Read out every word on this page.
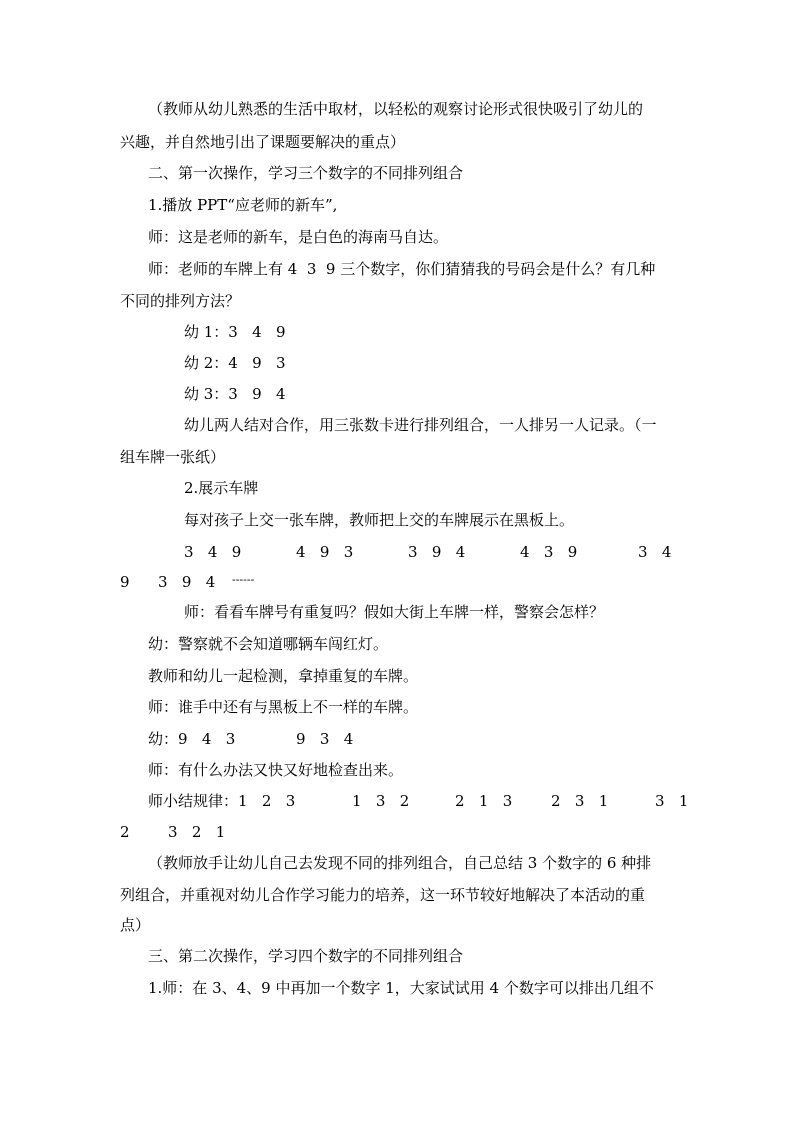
（教师从幼儿熟悉的生活中取材，以轻松的观察讨论形式很快吸引了幼儿的
兴趣，并自然地引出了课题要解决的重点）
二、第一次操作，学习三个数字的不同排列组合
1.播放 PPT“应老师的新车”,
师：这是老师的新车，是白色的海南马自达。
师：老师的车牌上有 4  3  9 三个数字，你们猜猜我的号码会是什么？有几种
不同的排列方法？
幼 1：3   4   9
幼 2：4   9   3
幼 3：3   9   4
幼儿两人结对合作，用三张数卡进行排列组合，一人排另一人记录。（一
组车牌一张纸）
2.展示车牌
每对孩子上交一张车牌，教师把上交的车牌展示在黑板上。
3   4   9	4   9   3	3   9   4	4   3   9	3   4
9 3   9   4 ------
师：看看车牌号有重复吗？假如大街上车牌一样，警察会怎样？
幼：警察就不会知道哪辆车闯红灯。
教师和幼儿一起检测，拿掉重复的车牌。
师：谁手中还有与黑板上不一样的车牌。
幼：9   4   3	9   3   4
师：有什么办法又快又好地检查出来。
师小结规律：1   2   3	1   3   2	2   1   3	2   3   1	3   1
2	3   2   1
（教师放手让幼儿自己去发现不同的排列组合，自己总结 3 个数字的 6 种排
列组合，并重视对幼儿合作学习能力的培养，这一环节较好地解决了本活动的重
点）
三、第二次操作，学习四个数字的不同排列组合
1.师：在 3、4、9 中再加一个数字 1，大家试试用 4 个数字可以排出几组不
